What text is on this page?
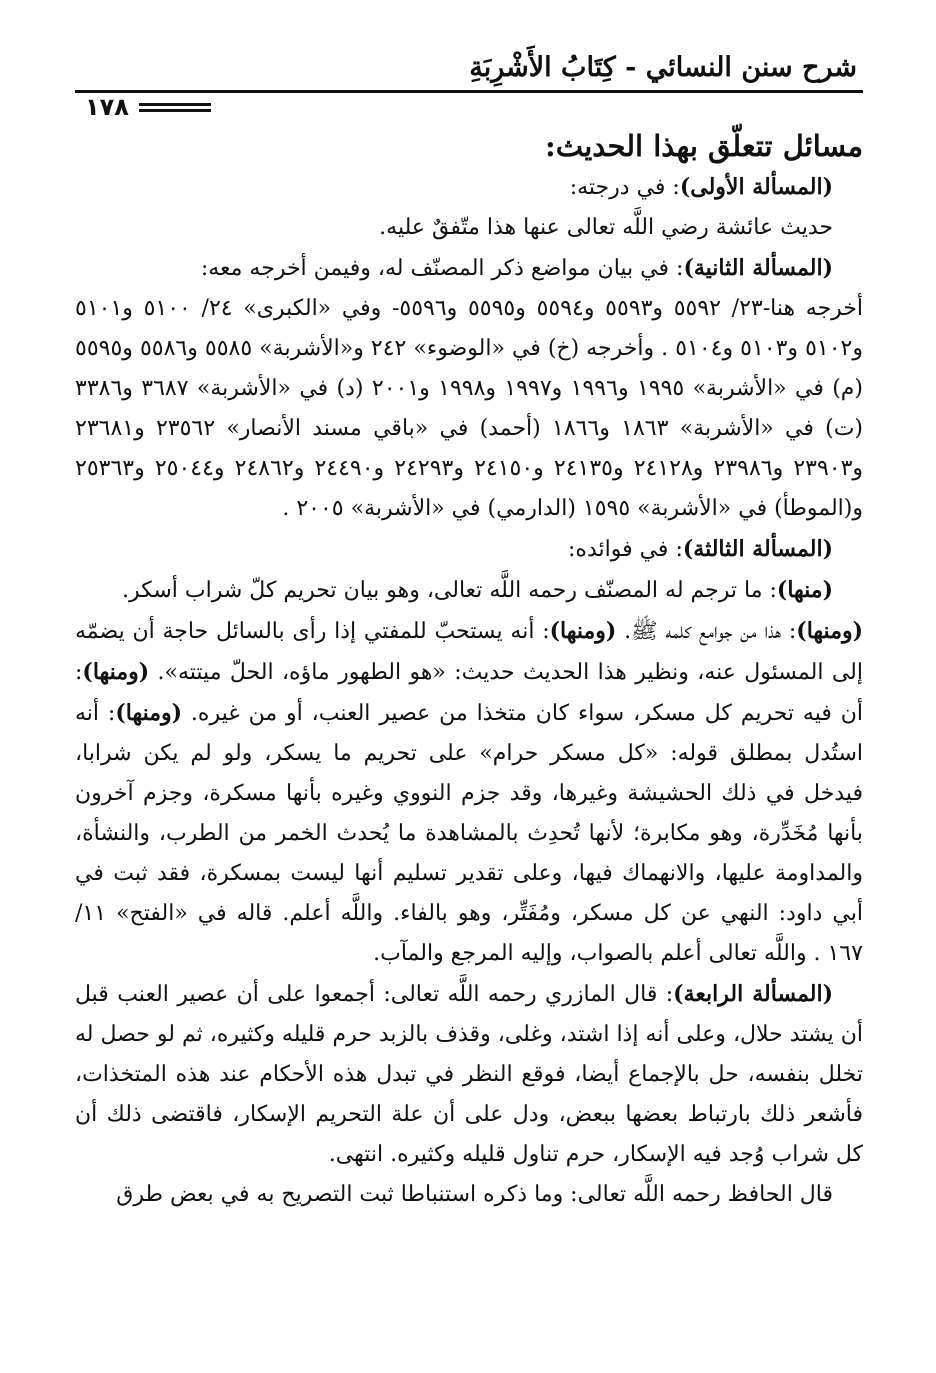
شرح سنن النسائي - كِتَابُ الأَشْرِبَةِ
١٧٨
مسائل تتعلّق بهذا الحديث:

(المسألة الأولى): في درجته:

حديث عائشة رضي اللَّه تعالى عنها هذا متّفقٌ عليه.

(المسألة الثانية): في بيان مواضع ذكر المصنّف له، وفيمن أخرجه معه:

أخرجه هنا-٢٣/ ٥٥٩٢ و٥٥٩٣ و٥٥٩٤ و٥٥٩٥ و٥٥٩٦- وفي «الكبرى» ٢٤/ ٥١٠٠ و٥١٠١ و٥١٠٢ و٥١٠٣ و٥١٠٤ . وأخرجه (خ) في «الوضوء» ٢٤٢ و«الأشربة» ٥٥٨٥ و٥٥٨٦ و٥٥٩٥ (م) في «الأشربة» ١٩٩٥ و١٩٩٦ و١٩٩٧ و١٩٩٨ و٢٠٠١ (د) في «الأشربة» ٣٦٨٧ و٣٣٨٦ (ت) في «الأشربة» ١٨٦٣ و١٨٦٦ (أحمد) في «باقي مسند الأنصار» ٢٣٥٦٢ و٢٣٦٨١ و٢٣٩٠٣ و٢٣٩٨٦ و٢٤١٢٨ و٢٤١٣٥ و٢٤١٥٠ و٢٤٢٩٣ و٢٤٤٩٠ و٢٤٨٦٢ و٢٥٠٤٤ و٢٥٣٦٣ و(الموطأ) في «الأشربة» ١٥٩٥ (الدارمي) في «الأشربة» ٢٠٠٥ .

(المسألة الثالثة): في فوائده:

(منها): ما ترجم له المصنّف رحمه اللَّه تعالى، وهو بيان تحريم كلّ شراب أسكر.

(ومنها): هذا من جوامع كلمه ﷺ. (ومنها): أنه يستحبّ للمفتي إذا رأى بالسائل حاجة أن يضمّه إلى المسئول عنه، ونظير هذا الحديث حديث: «هو الطهور ماؤه، الحلّ ميتته». (ومنها): أن فيه تحريم كل مسكر، سواء كان متخذا من عصير العنب، أو من غيره. (ومنها): أنه استُدل بمطلق قوله: «كل مسكر حرام» على تحريم ما يسكر، ولو لم يكن شرابا، فيدخل في ذلك الحشيشة وغيرها، وقد جزم النووي وغيره بأنها مسكرة، وجزم آخرون بأنها مُخَدِّرة، وهو مكابرة؛ لأنها تُحدِث بالمشاهدة ما يُحدث الخمر من الطرب، والنشأة، والمداومة عليها، والانهماك فيها، وعلى تقدير تسليم أنها ليست بمسكرة، فقد ثبت في أبي داود: النهي عن كل مسكر، ومُفَتِّر، وهو بالفاء. واللَّه أعلم. قاله في «الفتح» ١١/ ١٦٧ . واللَّه تعالى أعلم بالصواب، وإليه المرجع والمآب.

(المسألة الرابعة): قال المازري رحمه اللَّه تعالى: أجمعوا على أن عصير العنب قبل أن يشتد حلال، وعلى أنه إذا اشتد، وغلى، وقذف بالزبد حرم قليله وكثيره، ثم لو حصل له تخلل بنفسه، حل بالإجماع أيضا، فوقع النظر في تبدل هذه الأحكام عند هذه المتخذات، فأشعر ذلك بارتباط بعضها ببعض، ودل على أن علة التحريم الإسكار، فاقتضى ذلك أن كل شراب وُجد فيه الإسكار، حرم تناول قليله وكثيره. انتهى.

قال الحافظ رحمه اللَّه تعالى: وما ذكره استنباطا ثبت التصريح به في بعض طرق
